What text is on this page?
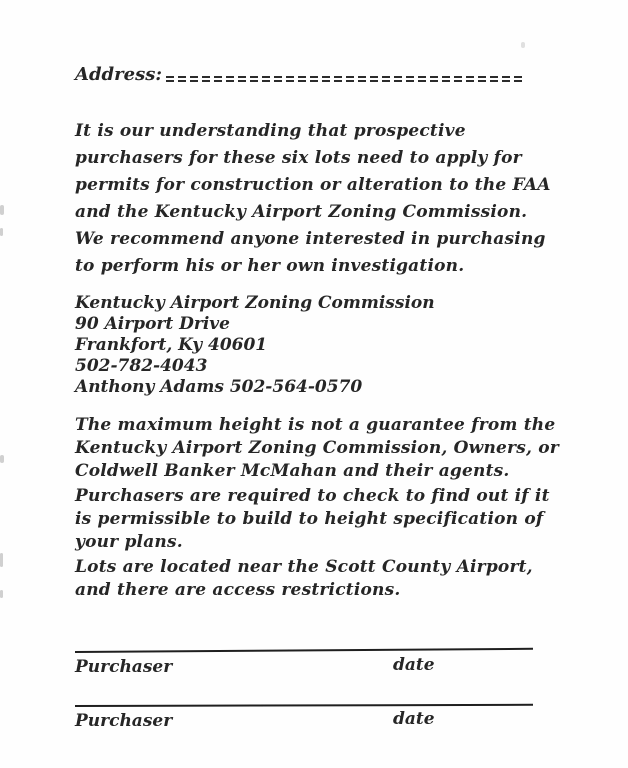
Address:

It is our understanding that prospective purchasers for these six lots need to apply for permits for construction or alteration to the FAA and the Kentucky Airport Zoning Commission. We recommend anyone interested in purchasing to perform his or her own investigation.

Kentucky Airport Zoning Commission
90 Airport Drive
Frankfort, Ky 40601
502-782-4043
Anthony Adams 502-564-0570

The maximum height is not a guarantee from the Kentucky Airport Zoning Commission, Owners, or Coldwell Banker McMahan and their agents.

Purchasers are required to check to find out if it is permissible to build to height specification of your plans.

Lots are located near the Scott County Airport, and there are access restrictions.

Purchaser	date
Purchaser	date
